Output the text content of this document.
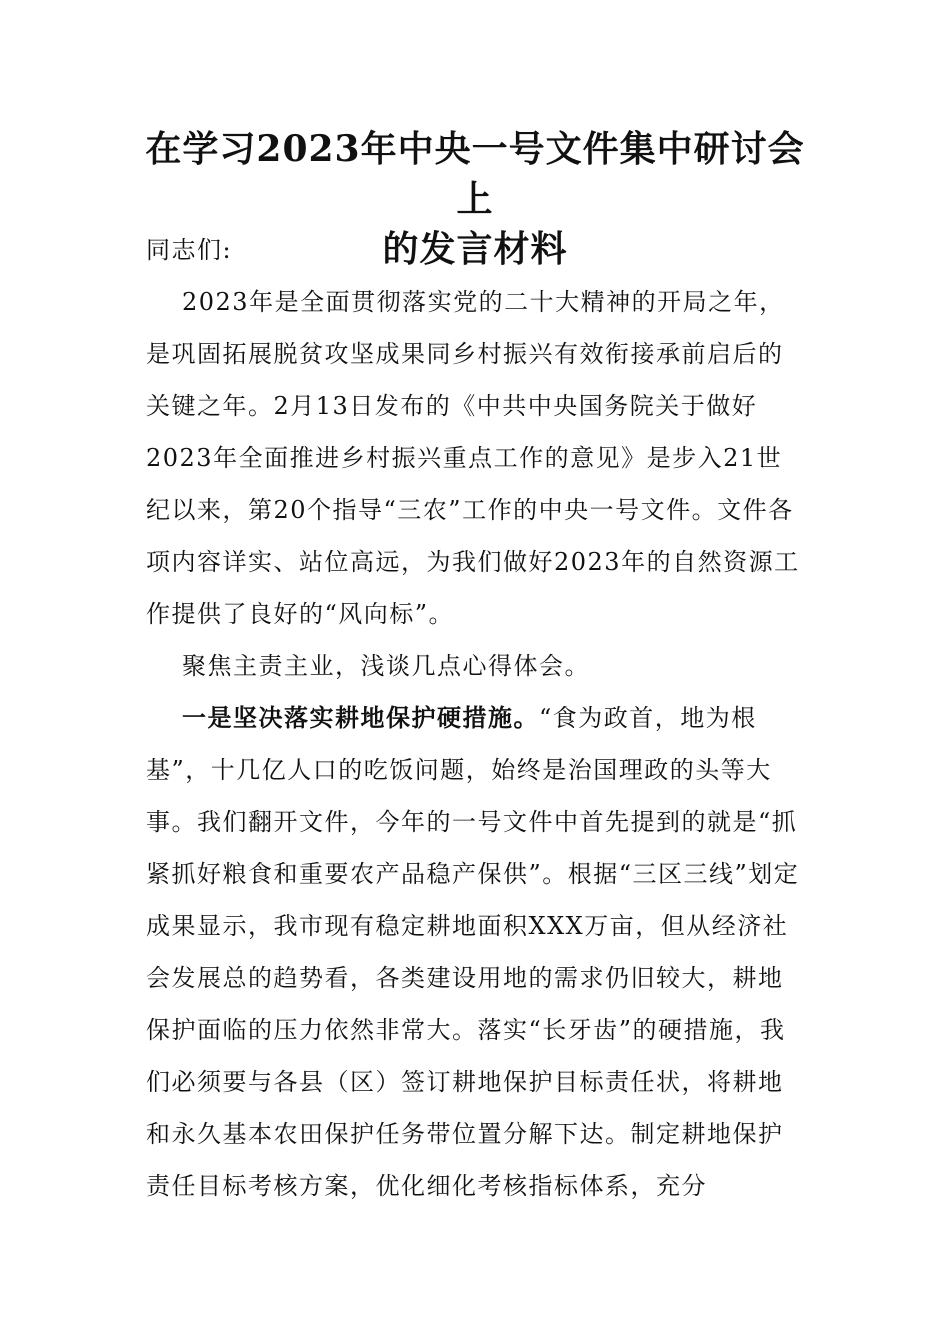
在学习2023年中央一号文件集中研讨会上
的发言材料

同志们:

2023年是全面贯彻落实党的二十大精神的开局之年，是巩固拓展脱贫攻坚成果同乡村振兴有效衔接承前启后的关键之年。2月13日发布的《中共中央国务院关于做好2023年全面推进乡村振兴重点工作的意见》是步入21世纪以来，第20个指导“三农”工作的中央一号文件。文件各项内容详实、站位高远，为我们做好2023年的自然资源工作提供了良好的“风向标”。

聚焦主责主业，浅谈几点心得体会。

一是坚决落实耕地保护硬措施。“食为政首，地为根基”，十几亿人口的吃饭问题，始终是治国理政的头等大事。我们翻开文件，今年的一号文件中首先提到的就是“抓紧抓好粮食和重要农产品稳产保供”。根据“三区三线”划定成果显示，我市现有稳定耕地面积XXX万亩，但从经济社会发展总的趋势看，各类建设用地的需求仍旧较大，耕地保护面临的压力依然非常大。落实“长牙齿”的硬措施，我们必须要与各县（区）签订耕地保护目标责任状，将耕地和永久基本农田保护任务带位置分解下达。制定耕地保护责任目标考核方案，优化细化考核指标体系，充分
